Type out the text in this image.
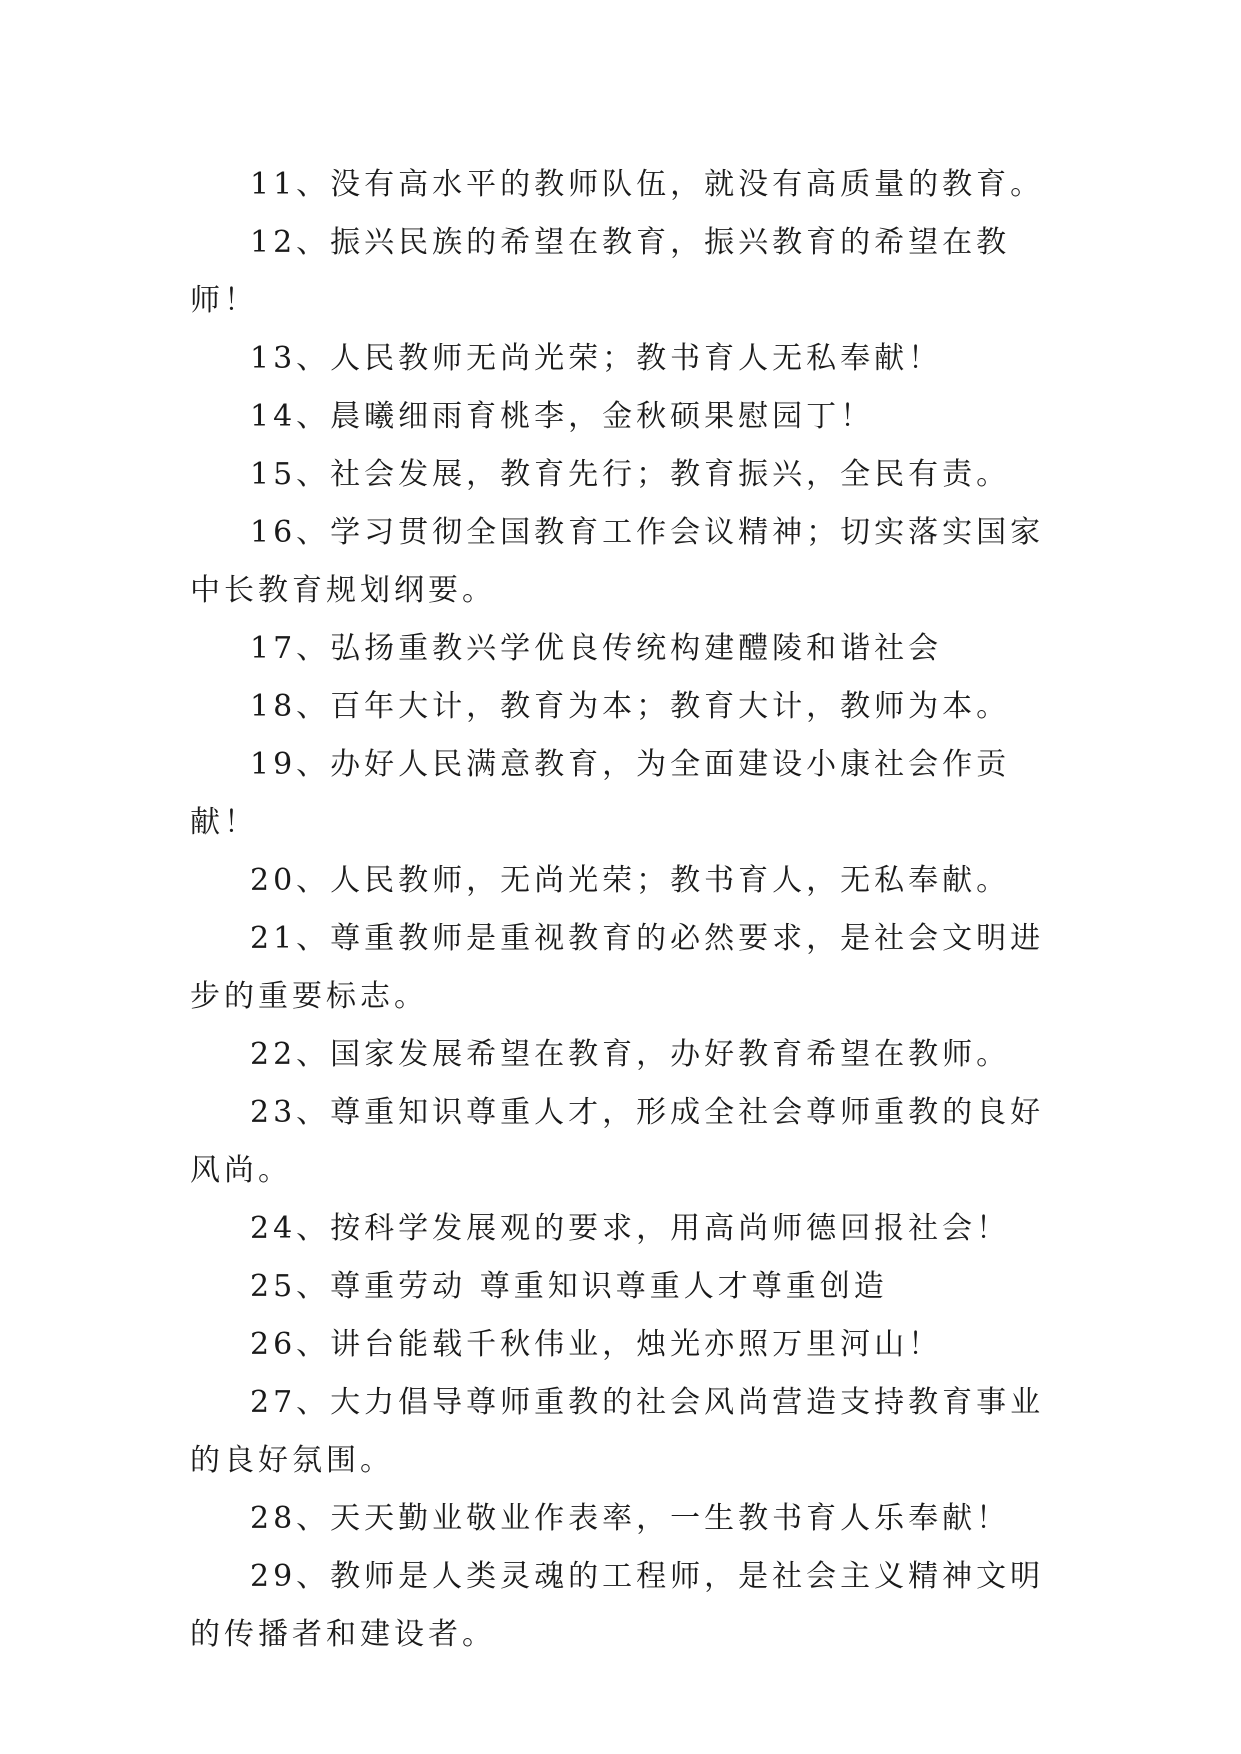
11、没有高水平的教师队伍，就没有高质量的教育。

12、振兴民族的希望在教育，振兴教育的希望在教师！

13、人民教师无尚光荣；教书育人无私奉献！

14、晨曦细雨育桃李，金秋硕果慰园丁！

15、社会发展，教育先行；教育振兴，全民有责。

16、学习贯彻全国教育工作会议精神；切实落实国家中长教育规划纲要。

17、弘扬重教兴学优良传统构建醴陵和谐社会

18、百年大计，教育为本；教育大计，教师为本。

19、办好人民满意教育，为全面建设小康社会作贡献！

20、人民教师，无尚光荣；教书育人，无私奉献。

21、尊重教师是重视教育的必然要求，是社会文明进步的重要标志。

22、国家发展希望在教育，办好教育希望在教师。

23、尊重知识尊重人才，形成全社会尊师重教的良好风尚。

24、按科学发展观的要求，用高尚师德回报社会！

25、尊重劳动 尊重知识尊重人才尊重创造

26、讲台能载千秋伟业，烛光亦照万里河山！

27、大力倡导尊师重教的社会风尚营造支持教育事业的良好氛围。

28、天天勤业敬业作表率，一生教书育人乐奉献！

29、教师是人类灵魂的工程师，是社会主义精神文明的传播者和建设者。
